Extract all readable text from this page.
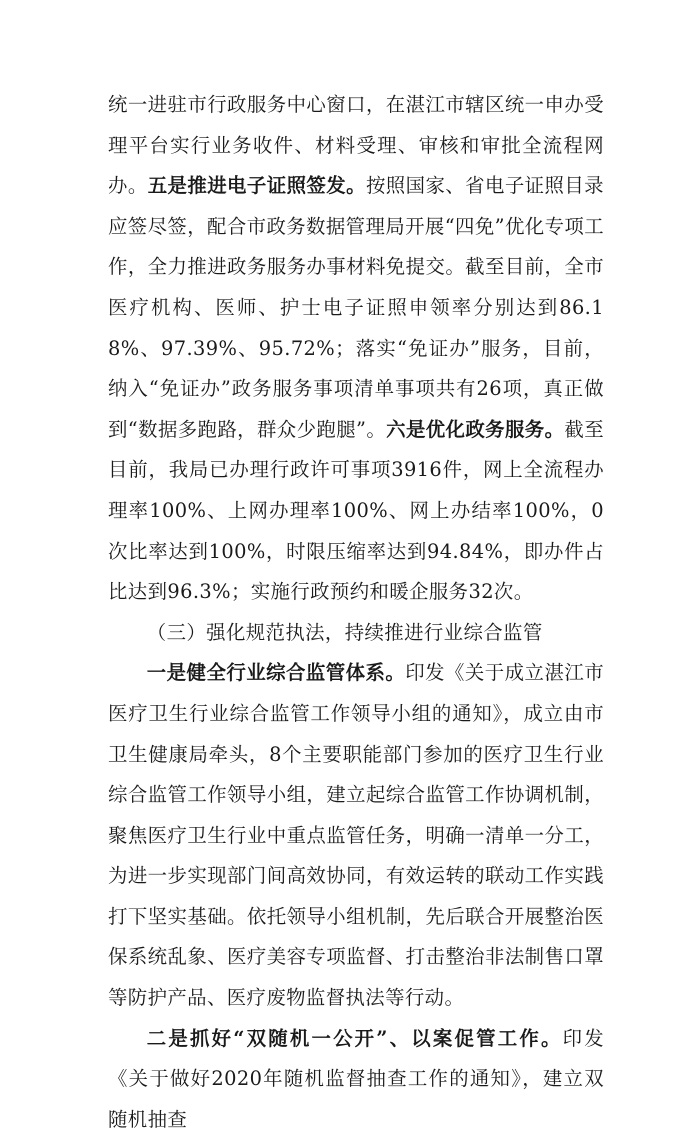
统一进驻市行政服务中心窗口，在湛江市辖区统一申办受理平台实行业务收件、材料受理、审核和审批全流程网办。五是推进电子证照签发。按照国家、省电子证照目录应签尽签，配合市政务数据管理局开展“四免”优化专项工作，全力推进政务服务办事材料免提交。截至目前，全市医疗机构、医师、护士电子证照申领率分别达到86.18%、97.39%、95.72%；落实“免证办”服务，目前，纳入“免证办”政务服务事项清单事项共有26项，真正做到“数据多跑路，群众少跑腿”。六是优化政务服务。截至目前，我局已办理行政许可事项3916件，网上全流程办理率100%、上网办理率100%、网上办结率100%，0次比率达到100%，时限压缩率达到94.84%，即办件占比达到96.3%；实施行政预约和暖企服务32次。

（三）强化规范执法，持续推进行业综合监管

一是健全行业综合监管体系。印发《关于成立湛江市医疗卫生行业综合监管工作领导小组的通知》，成立由市卫生健康局牵头，8个主要职能部门参加的医疗卫生行业综合监管工作领导小组，建立起综合监管工作协调机制，聚焦医疗卫生行业中重点监管任务，明确一清单一分工，为进一步实现部门间高效协同，有效运转的联动工作实践打下坚实基础。依托领导小组机制，先后联合开展整治医保系统乱象、医疗美容专项监督、打击整治非法制售口罩等防护产品、医疗废物监督执法等行动。

二是抓好“双随机一公开”、以案促管工作。印发《关于做好2020年随机监督抽查工作的通知》，建立双随机抽查
